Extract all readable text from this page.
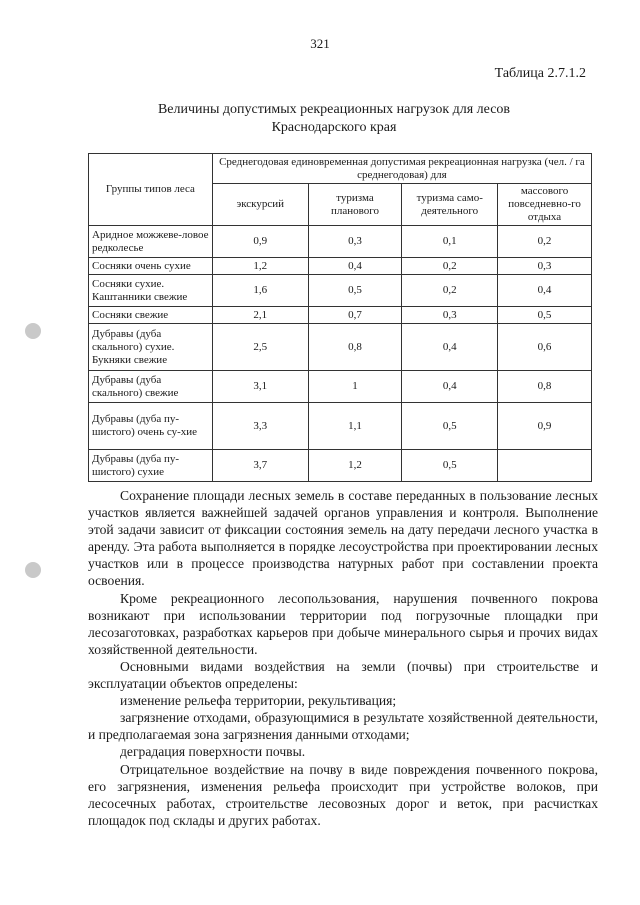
321
Таблица 2.7.1.2
Величины допустимых рекреационных нагрузок для лесов
Краснодарского края
Группы типов леса	Среднегодовая единовременная допустимая рекреационная нагрузка (чел. / га среднегодовая) для			
	экскурсий	туризма планового	туризма само-деятельного	массового повседневно-го отдыха
Аридное можжеве-ловое редколесье	0,9	0,3	0,1	0,2
Сосняки очень сухие	1,2	0,4	0,2	0,3
Сосняки сухие. Каштанники свежие	1,6	0,5	0,2	0,4
Сосняки свежие	2,1	0,7	0,3	0,5
Дубравы (дуба скального) сухие. Букняки свежие	2,5	0,8	0,4	0,6
Дубравы (дуба скального) свежие	3,1	1	0,4	0,8
Дубравы (дуба пу-шистого) очень су-хие	3,3	1,1	0,5	0,9
Дубравы (дуба пу-шистого) сухие	3,7	1,2	0,5	

Сохранение площади лесных земель в составе переданных в пользование лесных участков является важнейшей задачей органов управления и контроля. Выполнение этой задачи зависит от фиксации состояния земель на дату передачи лесного участка в аренду. Эта работа выполняется в порядке лесоустройства при проектировании лесных участков или в процессе производства натурных работ при составлении проекта освоения.

Кроме рекреационного лесопользования, нарушения почвенного покрова возникают при использовании территории под погрузочные площадки при лесозаготовках, разработках карьеров при добыче минерального сырья и прочих видах хозяйственной деятельности.

Основными видами воздействия на земли (почвы) при строительстве и эксплуатации объектов определены:

изменение рельефа территории, рекультивация;

загрязнение отходами, образующимися в результате хозяйственной деятельности, и предполагаемая зона загрязнения данными отходами;

деградация поверхности почвы.

Отрицательное воздействие на почву в виде повреждения почвенного покрова, его загрязнения, изменения рельефа происходит при устройстве волоков, при лесосечных работах, строительстве лесовозных дорог и веток, при расчистках площадок под склады и других работах.
